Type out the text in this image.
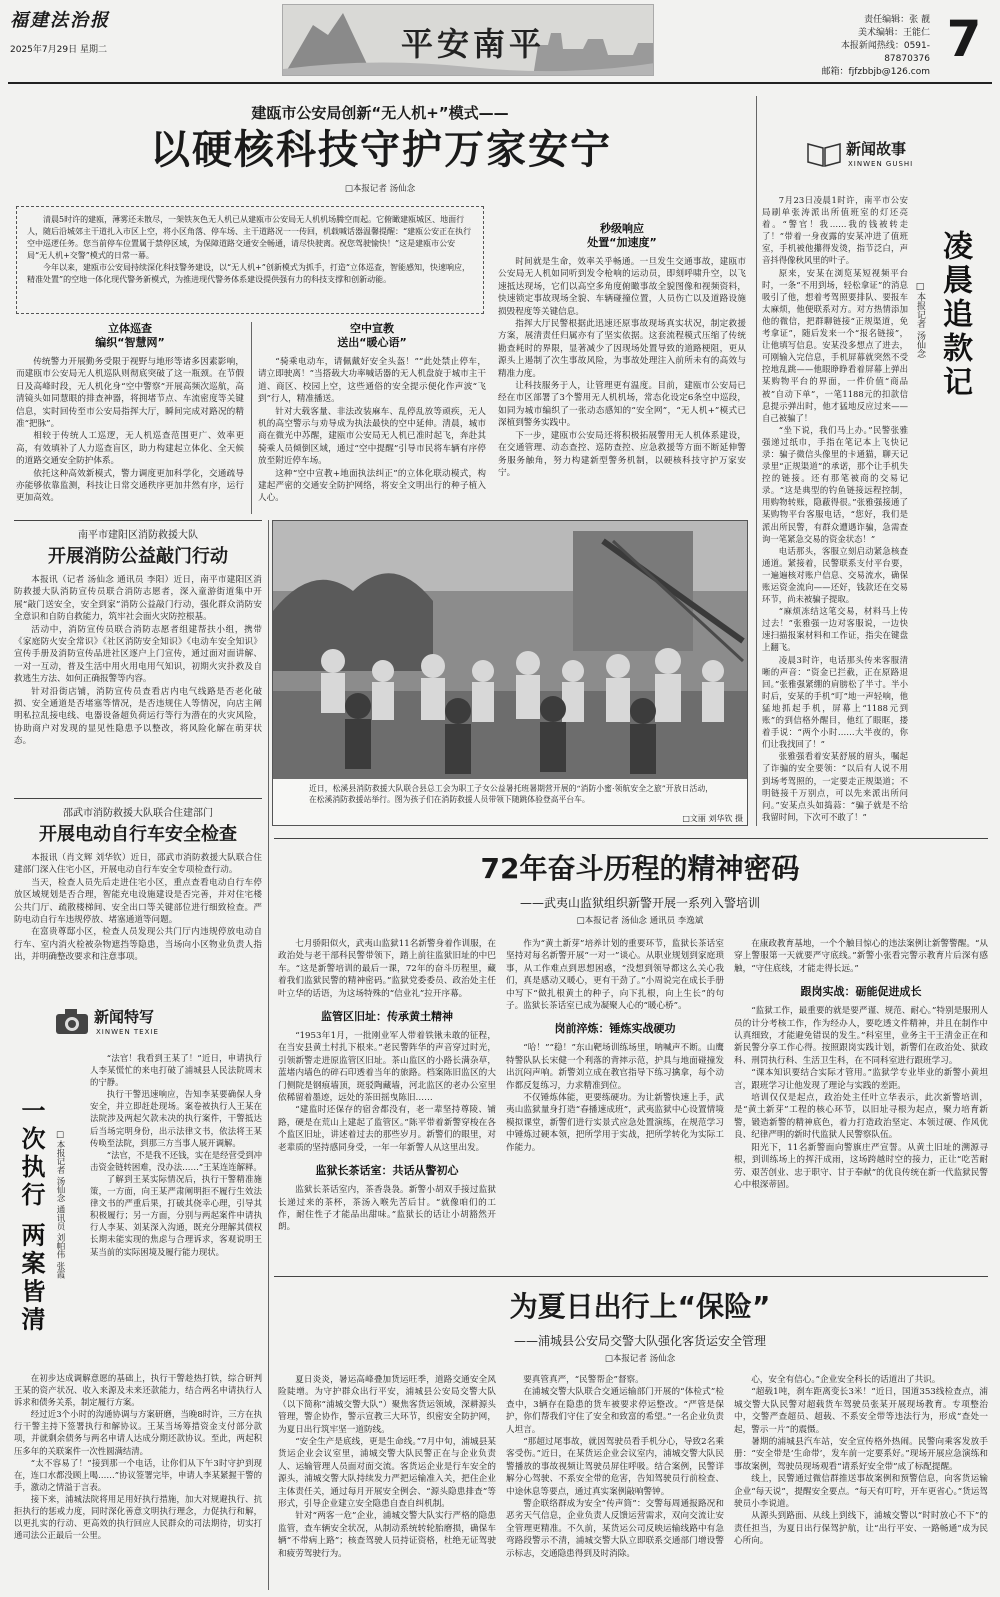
福建法治报
2025年7月29日 星期二	平安南平
责任编辑：张 靓
美术编辑：王能仁
本报新闻热线：0591-87870376
邮箱：fjfzbbjb@126.com
7
建瓯市公安局创新“无人机+”模式——
以硬核科技守护万家安宁
□本报记者 汤仙念

清晨5时许的建瓯，薄雾还未散尽，一架铁灰色无人机已从建瓯市公安局无人机机场腾空而起。它俯瞰建瓯城区、地面行人，随后沿城郊主干道扎入市区上空，将小区角落、停车场、主干道路况一一传回，机载喊话器温馨提醒：“建瓯公安正在执行空中巡逻任务。您当前停车位置属于禁停区域，为保障道路交通安全畅通，请尽快驶离。祝您驾驶愉快！”这是建瓯市公安局“无人机+交警”模式的日常一幕。

今年以来，建瓯市公安局持续深化科技警务建设，以“无人机+”创新模式为抓手，打造“立体巡查，智能感知，快速响应，精准处置”的空地一体化现代警务新模式，为推进现代警务体系建设提供强有力的科技支撑和创新动能。

立体巡查
编织“智慧网”

传统警力开展勤务受限于视野与地形等诸多因素影响，而建瓯市公安局无人机巡队则彻底突破了这一瓶颈。在节假日及高峰时段，无人机化身“空中警察”开展高频次巡航，高清镜头如同慧眼的排查神器，将拥堵节点、车流密度等关键信息，实时回传至市公安局指挥大厅，瞬间完成对路况的精准“把脉”。

相较于传统人工巡逻，无人机巡查范围更广、效率更高，有效填补了人力巡查盲区，助力构建起立体化、全天候的道路交通安全防护体系。

依托这种高效新模式，警力调度更加科学化，交通疏导亦能够依靠监测，科技让日常交通秩序更加井然有序，运行更加高效。

空中宣教
送出“暖心语”

“骑乘电动车，请佩戴好安全头盔！”“此处禁止停车，请立即驶离！”当搭载大功率喊话器的无人机盘旋于城市主干道、商区、校园上空，这些通俗的安全提示便化作声波“飞到”行人，精准播送。

针对大载客量、非法改装麻车、乱停乱放等顽疾，无人机的高空警示与劝导成为执法最快的空中延伸。清晨，城市商在微光中苏醒，建瓯市公安局无人机已准时起飞，奔赴其骑乘人员倾倒区域，通过“空中提醒”引导市民将车辆有序停放至附近停车场。

这种“空中宣教+地面执法纠正”的立体化联动模式，构建起严密的交通安全防护网络，将安全文明出行的种子植入人心。

秒级响应
处置“加速度”

时间就是生命，效率关乎畅通。一旦发生交通事故，建瓯市公安局无人机如同听到发令枪响的运动员，即刻呼啸升空，以飞速抵达现场，它们以高空多角度俯瞰事故全貌图像和视频资料，快速锁定事故现场全貌、车辆碰撞位置，人员伤亡以及道路设施损毁程度等关键信息。

指挥大厅民警根据此迅速还原事故现场真实状况，制定救援方案，展清责任归属亦有了坚实依据。这套流程模式压缩了传统勘查耗时的界限，显著减少了因现场处置导致的道路梗阻，更从源头上遏制了次生事故风险，为事故处理注入前所未有的高效与精准力度。

让科技服务于人，让管理更有温度。目前，建瓯市公安局已经在市区部署了3个警用无人机机场，常态化设定6条空中巡段，如同为城市编织了一张动态感知的“安全网”，“无人机+”模式已深植到警务实践中。

下一步，建瓯市公安局还将积极拓展警用无人机体系建设，在交通管理、动态查控、巡防查控、应急救援等方面不断延伸警务服务触角，努力构建新型警务机制，以硬核科技守护万家安宁。

新闻故事
XINWEN GUSHI

7月23日凌晨1时许，南平市公安局刷单张涛派出所值班室的灯还亮着。“警官！我……我的钱被转走了！”带着一身夜露的安某冲进了值班室，手机被他攥得发烫，指节泛白，声音抖得像秋风里的叶子。

原来，安某在浏览某短视频平台时，一条“不用到场，轻松拿证”的消息吸引了他，想着考驾照要排队、要报车太麻烦，他便联系对方。对方热情添加他的微信，把群聊链接“正规渠道，免考拿证”，随后发来一个“报名链接”，让他填写信息。安某没多想点了进去，可刚输入完信息，手机屏幕就突然不受控地乱跳——他眼睁睁看着屏幕上弹出某购物平台的界面，一件价值“商品被”自动下单”，一笔1188元的扣款信息提示弹出时，他才猛地反应过来——自己被骗了！

“坐下说，我们马上办。”民警张雅强递过纸巾，手指在笔记本上飞快记录：骗子微信头像里的卡通猫，聊天记录里“正规渠道”的承诺，那个让手机失控的链接。还有那笔被商的交易记录。“这是典型的钓鱼链接远程控制，用购物转账，隐蔽得很。”张雅强接通了某购物平台客服电话，“您好，我们是派出所民警，有群众遭遇诈骗，急需查询一笔紧急交易的资金状态！”

电话那头，客服立刻启动紧急核查通道。紧接着，民警联系支付平台要，一遍遍核对账户信息、交易流水，确保账运资金流向——还好，钱款还在交易环节，尚未被骗子提取。

“麻烦冻结这笔交易，材料马上传过去！”张雅强一边对客服说，一边快速扫描报案材料和工作证，指尖在键盘上翻飞。

凌晨3时许，电话那头传来客服清晰的声音：“资金已拦截，正在原路退回。”张雅强紧绷的肩膀松了半寸。半小时后，安某的手机“叮”地一声轻响，他猛地抓起手机，屏幕上“1188元到账”的到信格外醒目，他红了眼眶，搂着手说：“两个小时……大半夜的，你们让我找回了！”

张雅强看着安某舒展的眉头，嘱起了诈骗的安全要领：“以后有人说不用到场考驾照的，一定要走正规渠道；不明链接千万别点，可以先来派出所问问。”安某点头如捣蒜：“骗子就是不给我留时间，下次可不敢了！”

凌晨追款记
□本报记者 汤仙念
近日，松溪县消防救援大队联合县总工会为职工子女公益暑托班暑期营开展的“消防小蜜·领航安全之旅”开放日活动，在松溪消防救援站举行。图为孩子们在消防救援人员带领下随跳体验登高平台车。
□文丽 刘华钦 摄
南平市建阳区消防救援大队
开展消防公益敲门行动

本报讯（记者 汤仙念 通讯员 李阳）近日，南平市建阳区消防救援大队消防宣传员联合消防志愿者，深入童游街道集中开展“敲门送安全，安全到家”消防公益敲门行动，强化群众消防安全意识和自防自救能力，筑牢社会面火灾防控根基。

活动中，消防宣传员联合消防志愿者组建帮扶小组，携带《家庭防火安全常识》《社区消防安全知识》《电动车安全知识》宣传手册及消防宣传品进社区逐户上门宣传，通过面对面讲解、一对一互动，普及生活中用火用电用气知识，初期火灾扑救及自救逃生方法、如何正确报警等内容。

针对沿街店铺，消防宣传员查看店内电气线路是否老化破损、安全通道是否堵塞等情况，是否违规住人等情况，向店主阐明私拉乱接电线、电器设备超负荷运行等行为潜在的火灾风险，协助商户对发现的显见性隐患予以整改，将风险化解在萌芽状态。

邵武市消防救援大队联合住建部门
开展电动自行车安全检查

本报讯（肖文辉 刘华钦）近日，邵武市消防救援大队联合住建部门深入住宅小区，开展电动自行车安全专项检查行动。

当天，检查人员先后走进住宅小区，重点查看电动自行车停放区域规划是否合理，智能充电设施建设是否完善，并对住宅楼公共门厅、疏散楼梯间、安全出口等关键部位进行细致检查。严防电动自行车违规停放、堵塞通道等问题。

在富贵尊邸小区，检查人员发现公共门厅内违规停放电动自行车、室内消火栓被杂物遮挡等隐患，当场向小区物业负责人指出，并明确整改要求和注意事项。

新闻特写
XINWEN TEXIE
一次执行 两案皆清	□本报记者 汤仙念 通讯员 刘帕伟 张霞

“法官！我看到王某了！”近日，申请执行人李某慌忙的来电打破了浦城县人民法院周末的宁静。

执行干警迅速响应，告知李某要确保人身安全，并立即赶赴现场。案卷被执行人王某在法院涉及两起欠款未决的执行案件，干警抵达后当场完明身份，出示法律文书，依法将王某传唤至法院，到那三方当事人展开调解。

“法官，不是我不还钱，实在是经营受到冲击资金链转困难，没办法……”王某连连解释。

了解到王某实际情况后，执行干警精准施策，一方面，向王某严肃阐明拒不履行生效法律文书的严重后果，打破其侥幸心理，引导其积极履行；另一方面，分别与两起案件申请执行人李某、刘某深入沟通，既充分理解其债权长期未能实现的焦虑与合理诉求，客观说明王某当前的实际困境及履行能力现状。

在初步达成调解意愿的基础上，执行干警趁热打铁，综合研判王某的资产状况、收入来源及未来还款能力，结合两名申请执行人诉求和债务关系，制定履行方案。

经过近3个小时的沟通协调与方案研磨，当晚8时许，三方在执行干警主持下签署执行和解协议。王某当场筹措资金支付部分款项，并就剩余债务与两名申请人达成分期还款协议。至此，两起积压多年的关联案件一次性圆满结清。

“太不容易了！”接到那一个电话，让你们从下午3时守护到现在，连口水都没顾上喝……”协议签署完毕，申请人李某紧握干警的手，激动之情溢于言表。

接下来，浦城法院将用足用好执行措施，加大对规避执行、抗拒执行的惩戒力度，同时深化善意文明执行理念，力促执行和解，以更扎实的行动、更高效的执行回应人民群众的司法期待，切实打通司法公正最后一公里。

72年奋斗历程的精神密码
——武夷山监狱组织新警开展一系列入警培训
□本报记者 汤仙念 通讯员 李逸斌

七月骄阳似火，武夷山监狱11名新警身着作训服，在政治处与老干部科民警带领下，踏上前往监狱旧址的中巴车。“这是新警培训的最后一课，72年的奋斗历程里，藏着我们监狱民警的精神密码。”监狱党委委员、政治处主任叶立华的话语，为这场特殊的“信业礼”拉开序幕。

监管区旧址：传承黄土精神

“1953年1月，一批刚业军人带着铁锹未敢的征程，在当安县黄土村扎下根来。”老民警阵华的声音穿过时光，引领新警走进原监管区旧址。茶山监区的小路长满杂草，蓝堵内墙色的碎石印透着当年的旅路。档案陈旧监区的大门侧院是钢痕墙顶，斑驳陶藏墙，河北监区的老办公室里依稀留着墨迹，远处的茶田摇曳陈旧……

“建监时还保存的宿舍都没有，老一辈坚持尊陵、铺路，硬是在荒山上建起了监管区。”陈平带着新警穿梭在各个监区旧址，讲述着过去的那些岁月。新警们的眼里，对老辈质的坚持感同身受，一年一年新警人从这里出发。

监狱长茶话室：共话从警初心

监狱长茶话室内，茶香袅袅。新警小胡双手接过监狱长递过来的茶杯，茶汤入喉先苦后甘。“就像咱们的工作，耐住性子才能品出甜味。”监狱长的话让小胡豁然开朗。

作为“黄土新芽”培养计划的重要环节，监狱长茶话室坚持对每名新警开展“一对一”谈心。从职业规划到家庭琐事，从工作难点到思想困惑，“没想到领导都这么关心我们，真是感动又暖心，更有干劲了。”小周说完在成长手册中写下“做扎根黄土的种子，向下扎根，向上生长”的句子。监狱长茶话室已成为凝聚人心的“暖心桥”。

岗前淬炼：锤炼实战硬功

“哈！”“稳！”东山靶场训练场里，呐喊声不断。山鹰特警队队长宋健一个利落的背摔示范，护具与地面碰撞发出沉闷声响。新警刘立成在教官指导下练习擒拿，每个动作都反复练习，力求精准到位。

不仅锤炼体能，更要练硬功。为让新警快速上手，武夷山监狱量身打造“春播速成班”，武夷监狱中心设置情境模拟课堂，新警们进行实景式应急处置演练，在规范学习中锤炼过硬本领，把所学用于实战，把所学转化为实际工作能力。

在康政教育基地，一个个触目惊心的违法案例让新警警醒。“从穿上警服第一天就要严守底线。”新警小张看完警示教育片后深有感触，“守住底线，才能走得长远。”

跟岗实战：砺能促进成长

“监狱工作，最重要的就是要严谨、规范、耐心。”特别是服刑人员的计分考核工作，作为经办人，要吃透文件精神，并且在制作中认真细致，才能避免错误的发生。”科室里，业务主干王清金正在和新民警分享工作心得。按照跟岗实践计划，新警们在政治处、狱政科、刑罚执行科、生活卫生科，在不同科室进行跟班学习。

“课本知识要结合实际才管用。”监狱学专业毕业的新警小黄坦言，跟班学习让他发现了理论与实践的差距。

培训仅仅是起点，政治处主任叶立华表示，此次新警培训，是“黄土新芽”工程的核心环节，以旧址寻根为起点，聚力培育新警，锻造新警的精神底色，着力打造政治坚定、本领过硬、作风优良、纪律严明的新时代监狱人民警察队伍。

阳光下，11名新警面向警旗庄严宣誓。从黄土旧址的溯源寻根，到训练场上的挥汗成雨，这场跨越时空的接力，正让“吃苦耐劳、艰苦创业、忠于职守、甘于奉献”的优良传统在新一代监狱民警心中根深蒂固。

为夏日出行上“保险”
——浦城县公安局交警大队强化客货运安全管理
□本报记者 汤仙念

夏日炎炎，暑运高峰叠加货运旺季，道路交通安全风险陡增。为守护群众出行平安，浦城县公安局交警大队（以下简称“浦城交警大队”）聚焦客货运领域，深耕源头管理，警企协作，警示宣教三大环节，织密安全防护网，为夏日出行筑牢坚一道防线。

“安全生产是底线，更是生命线。”7月中旬，浦城县某货运企业会议室里，浦城交警大队民警正在与企业负责人、运输管理人员面对面交流。客货运企业是行车安全的源头，浦城交警大队持续发力严把运输准入关，把住企业主体责任关，通过每月开展安全例会、“源头隐患排查”等形式，引导企业建立安全隐患自查自纠机制。

针对“两客一危”企业，浦城交警大队实行严格的隐患监管，查车辆安全状况，从制动系统转轮胎磨损，确保车辆“不带病上路”；核查驾驶人员持证资格，杜绝无证驾驶和疲劳驾驶行为。

要真管真严，“民警帮企”督察。

在浦城交警大队联合交通运输部门开展的“体检式”检查中，3辆存在隐患的货车被要求停运整改。“严管是保护，你们帮我们守住了安全和致富的希望。”一名企业负责人坦言。

“那超过尾事故，就因驾驶员看手机分心，导致2名乘客受伤。”近日，在某货运企业会议室内，浦城交警大队民警播放的事故视频让驾驶员屏住呼吸。结合案例，民警详解分心驾驶、不系安全带的危害，告知驾驶员行前检查、中途休息等要点，通过真实案例敲响警钟。

警企联络群成为安全“传声筒”：交警每周通报路况和恶劣天气信息，企业负责人反馈运营需求，双向交流让安全管理更精准。不久前，某货运公司反映运输线路中有急弯路段警示不清，浦城交警大队立即联系交通部门增设警示标志，交通隐患得到及时消除。

心，安全有信心。”企业安全科长的话道出了共识。

“超载1吨，刹车距离变长3米！”近日，国道353线检查点，浦城交警大队民警对超载货车驾驶员张某开展现场教育。专项整治中，交警严查超员、超载、不系安全带等违法行为，形成“查处一起，警示一片”的震慑。

暑期的浦城县汽车站，安全宣传格外热闹。民警向乘客发放手册：“安全带是‘生命带’，发车前一定要系好。”现场开展应急演练和事故案例，驾驶员现场观看“请系好安全带”成了标配提醒。

线上，民警通过微信群推送事故案例和预警信息，向客货运输企业“每天说”，提醒安全要点。“每天有叮咛，开车更省心。”货运驾驶员小李说道。

从源头到路面、从线上到线下，浦城交警以“时时放心不下”的责任担当，为夏日出行保驾护航，让“出行平安、一路畅通”成为民心所向。
